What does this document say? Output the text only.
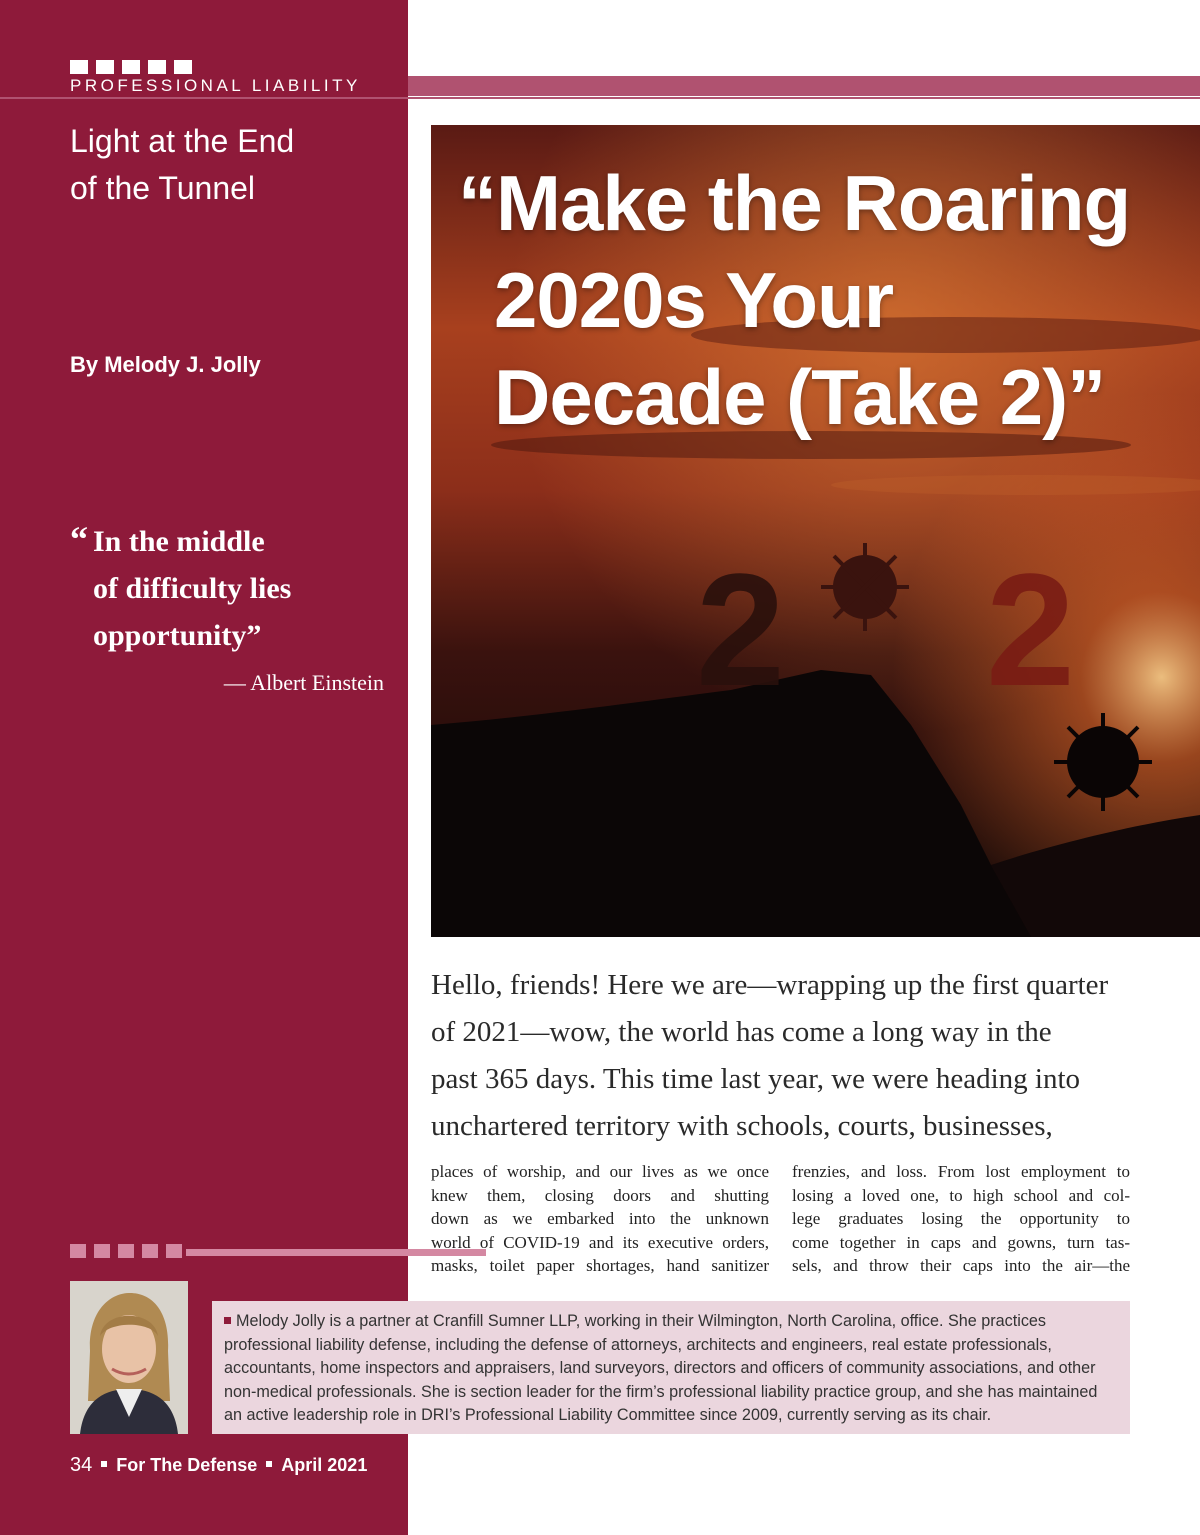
PROFESSIONAL LIABILITY
Light at the End
of the Tunnel
By Melody J. Jolly
“ In the middle
of difficulty lies
opportunity”
— Albert Einstein 2 2
“Make the Roaring
2020s Your
Decade (Take 2)”
Hello, friends! Here we are—wrapping up the first quarter
of 2021—wow, the world has come a long way in the
past 365 days. This time last year, we were heading into
unchartered territory with schools, courts, businesses,
places of worship, and our lives as we once
knew them, closing doors and shutting
down as we embarked into the unknown
world of COVID-19 and its executive orders,
masks, toilet paper shortages, hand sanitizer
frenzies, and loss. From lost employment to
losing a loved one, to high school and col-
lege graduates losing the opportunity to
come together in caps and gowns, turn tas-
sels, and throw their caps into the air—the
Melody Jolly is a partner at Cranfill Sumner LLP, working in their Wilmington, North Carolina, office. She practices professional liability defense, including the defense of attorneys, architects and engineers, real estate professionals, accountants, home inspectors and appraisers, land surveyors, directors and officers of community associations, and other non-medical professionals. She is section leader for the firm’s professional liability practice group, and she has maintained an active leadership role in DRI’s Professional Liability Committee since 2009, currently serving as its chair.
34 For The Defense April 2021
